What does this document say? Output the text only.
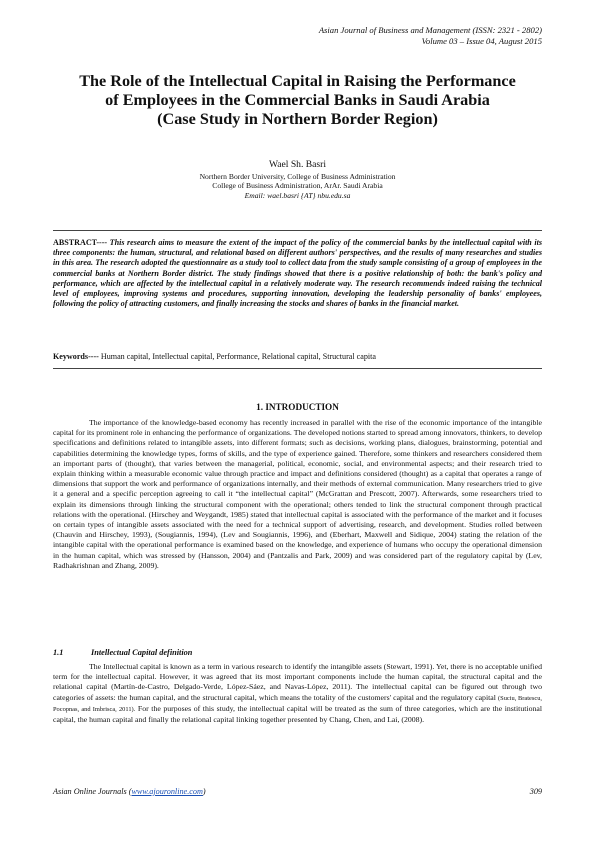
Asian Journal of Business and Management (ISSN: 2321 - 2802)
Volume 03 – Issue 04, August 2015
The Role of the Intellectual Capital in Raising the Performance
of Employees in the Commercial Banks in Saudi Arabia
(Case Study in Northern Border Region)
Wael Sh. Basri
Northern Border University, College of Business Administration
College of Business Administration, ArAr. Saudi Arabia
Email: wael.basri {AT} nbu.edu.sa
ABSTRACT---- This research aims to measure the extent of the impact of the policy of the commercial banks by the intellectual capital with its three components: the human, structural, and relational based on different authors' perspectives, and the results of many researches and studies in this area. The research adopted the questionnaire as a study tool to collect data from the study sample consisting of a group of employees in the commercial banks at Northern Border district. The study findings showed that there is a positive relationship of both: the bank's policy and performance, which are affected by the intellectual capital in a relatively moderate way. The research recommends indeed raising the technical level of employees, improving systems and procedures, supporting innovation, developing the leadership personality of banks' employees, following the policy of attracting customers, and finally increasing the stocks and shares of banks in the financial market.
Keywords---- Human capital, Intellectual capital, Performance, Relational capital, Structural capita
1. INTRODUCTION

The importance of the knowledge-based economy has recently increased in parallel with the rise of the economic importance of the intangible capital for its prominent role in enhancing the performance of organizations. The developed notions started to spread among innovators, thinkers, to develop specifications and definitions related to intangible assets, into different formats; such as decisions, working plans, dialogues, brainstorming, potential and capabilities determining the knowledge types, forms of skills, and the type of experience gained. Therefore, some thinkers and researchers considered them an important parts of (thought), that varies between the managerial, political, economic, social, and environmental aspects; and their research tried to explain thinking within a measurable economic value through practice and impact and definitions considered (thought) as a capital that operates a range of dimensions that support the work and performance of organizations internally, and their methods of external communication. Many researchers tried to give it a general and a specific perception agreeing to call it “the intellectual capital” (McGrattan and Prescott, 2007). Afterwards, some researchers tried to explain its dimensions through linking the structural component with the operational; others tended to link the structural component through practical relations with the operational. (Hirschey and Weygandt, 1985) stated that intellectual capital is associated with the performance of the market and it focuses on certain types of intangible assets associated with the need for a technical support of advertising, research, and development. Studies rolled between (Chauvin and Hirschey, 1993), (Sougiannis, 1994), (Lev and Sougiannis, 1996), and (Eberhart, Maxwell and Sidique, 2004) stating the relation of the intangible capital with the operational performance is examined based on the knowledge, and experience of humans who occupy the operational dimension in the human capital, which was stressed by (Hansson, 2004) and (Pantzalis and Park, 2009) and was considered part of the regulatory capital by (Lev, Radhakrishnan and Zhang, 2009).

1.1	Intellectual Capital definition

The Intellectual capital is known as a term in various research to identify the intangible assets (Stewart, 1991). Yet, there is no acceptable unified term for the intellectual capital. However, it was agreed that its most important components include the human capital, the structural capital and the relational capital (Martín-de-Castro, Delgado-Verde, López-Sáez, and Navas-López, 2011). The intellectual capital can be figured out through two categories of assets: the human capital, and the structural capital, which means the totality of the customers' capital and the regulatory capital (Suciu, Bratescu, Pocopnas, and Imbrisca, 2011). For the purposes of this study, the intellectual capital will be treated as the sum of three categories, which are the institutional capital, the human capital and finally the relational capital linking together presented by Chang, Chen, and Lai, (2008).

Asian Online Journals (www.ajouronline.com)	309
